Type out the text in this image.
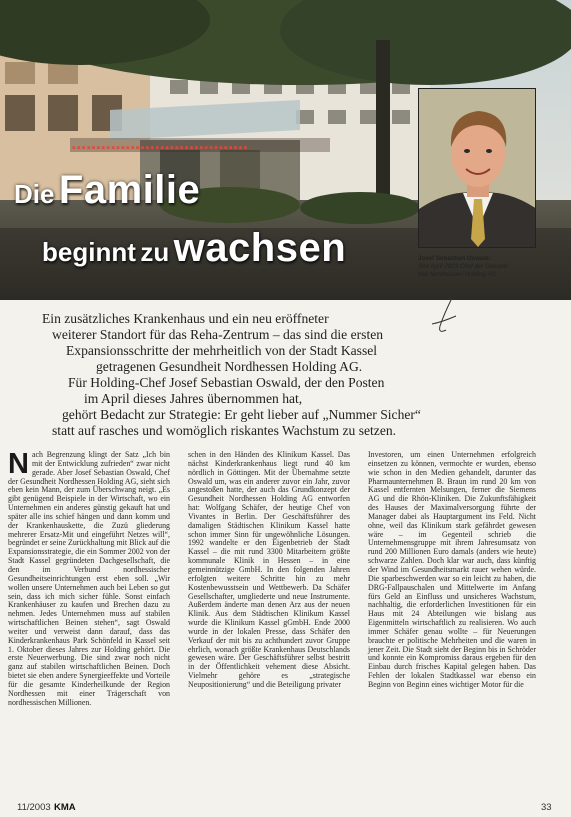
▪▪▪▪▪▪▪▪▪▪▪▪▪▪▪▪▪▪▪▪▪▪▪▪▪▪▪▪▪▪▪▪▪▪▪▪
Die Familie
beginnt zu wachsen	Josef Sebastian Oswald:
Seit April 2003 Chef der Gesund-
heit Nordhessen Holding AG.
Ein zusätzliches Krankenhaus und ein neu eröffneter
weiterer Standort für das Reha-Zentrum – das sind die ersten
Expansionsschritte der mehrheitlich von der Stadt Kassel
getragenen Gesundheit Nordhessen Holding AG.
Für Holding-Chef Josef Sebastian Oswald, der den Posten
im April dieses Jahres übernommen hat,
gehört Bedacht zur Strategie: Er geht lieber auf „Nummer Sicher“
statt auf rasches und womöglich riskantes Wachstum zu setzen.

Nach Begrenzung klingt der Satz „Ich bin mit der Entwicklung zufrieden“ zwar nicht gerade. Aber Josef Sebastian Oswald, Chef der Gesundheit Nordhessen Holding AG, sieht sich eben kein Mann, der zum Überschwang neigt. „Es gibt genügend Beispiele in der Wirtschaft, wo ein Unternehmen ein anderes günstig gekauft hat und später alle ins schief hängen und dann komm und der Krankenhauskette, die Zuzü gliederung mehrerer Ersatz-Mit und eingeführt Netzes will“, begründet er seine Zurückhaltung mit Blick auf die Expansionsstrategie, die ein Sommer 2002 von der Stadt Kassel gegründeten Dachgesellschaft, die den im Verbund nordhessischer Gesundheitseinrichtungen erst eben soll. „Wir wollen unsere Unternehmen auch bei Leben so gut sein, dass ich mich sicher fühle. Sonst einfach Krankenhäuser zu kaufen und Brechen dazu zu nehmen. Jedes Unternehmen muss auf stabilen wirtschaftlichen Beinen stehen“, sagt Oswald weiter und verweist dann darauf, dass das Kinderkrankenhaus Park Schönfeld in Kassel seit 1. Oktober dieses Jahres zur Holding gehört. Die erste Neuerwerbung. Die sind zwar noch nicht ganz auf stabilen wirtschaftlichen Beinen. Doch bietet sie eben andere Synergieeffekte und Vorteile für die gesamte Kinderheilkunde der Region Nordhessen mit einer Trägerschaft von nordhessischen Millionen.

schen in den Händen des Klinikum Kassel. Das nächst Kinderkrankenhaus liegt rund 40 km nördlich in Göttingen. Mit der Übernahme setzte Oswald um, was ein anderer zuvor ein Jahr, zuvor angestoßen hatte, der auch das Grundkonzept der Gesundheit Nordhessen Holding AG entworfen hat: Wolfgang Schäfer, der heutige Chef von Vivantes in Berlin. Der Geschäftsführer des damaligen Städtischen Klinikum Kassel hatte schon immer Sinn für ungewöhnliche Lösungen. 1992 wandelte er den Eigenbetrieb der Stadt Kassel – die mit rund 3300 Mitarbeitern größte kommunale Klinik in Hessen – in eine gemeinnützige GmbH. In den folgenden Jahren erfolgten weitere Schritte hin zu mehr Kostenbewusstsein und Wettbewerb. Da Schäfer Gesellschafter, umgliederte und neue Instrumente. Außerdem änderte man denen Arz aus der neuen Klinik. Aus dem Städtischen Klinikum Kassel wurde die Klinikum Kassel gGmbH. Ende 2000 wurde in der lokalen Presse, dass Schäfer den Verkauf der mit bis zu achthundert zuvor Gruppe ehrlich, wonach größte Krankenhaus Deutschlands gewesen wäre. Der Geschäftsführer selbst bestritt in der Öffentlichkeit vehement diese Absicht. Vielmehr gehöre es „strategische Neupositionierung“ und die Beteiligung privater

Investoren, um einen Unternehmen erfolgreich einsetzen zu können, vermochte er wurden, ebenso wie schon in den Medien gehandelt, darunter das Pharmaunternehmen B. Braun im rund 20 km von Kassel entfernten Melsungen, ferner die Siemens AG und die Rhön-Kliniken. Die Zukunftsfähigkeit des Hauses der Maximalversorgung führte der Manager dabei als Hauptargument ins Feld. Nicht ohne, weil das Klinikum stark gefährdet gewesen wäre – im Gegenteil schrieb die Unternehmensgruppe mit ihrem Jahresumsatz von rund 200 Millionen Euro damals (anders wie heute) schwarze Zahlen. Doch klar war auch, dass künftig der Wind im Gesundheitsmarkt rauer wehen würde. Die sparbeschwerden war so ein leicht zu haben, die DRG-Fallpauschalen und Mittelwerte im Anfang fürs Geld an Einfluss und unsicheres Wachstum, nachhaltig, die erforderlichen Investitionen für ein Haus mit 24 Abteilungen wie bislang aus Eigenmitteln wirtschaftlich zu realisieren. Wo auch immer Schäfer genau wollte – für Neuerungen brauchte er politische Mehrheiten und die waren in jener Zeit. Die Stadt sieht der Beginn bis in Schröder und konnte ein Kompromiss daraus ergeben für den Einbau durch frisches Kapital gelegen haben. Das Fehlen der lokalen Stadtkassel war ebenso ein Beginn von Beginn eines wichtiger Motor für die

11/2003 KMA	33
